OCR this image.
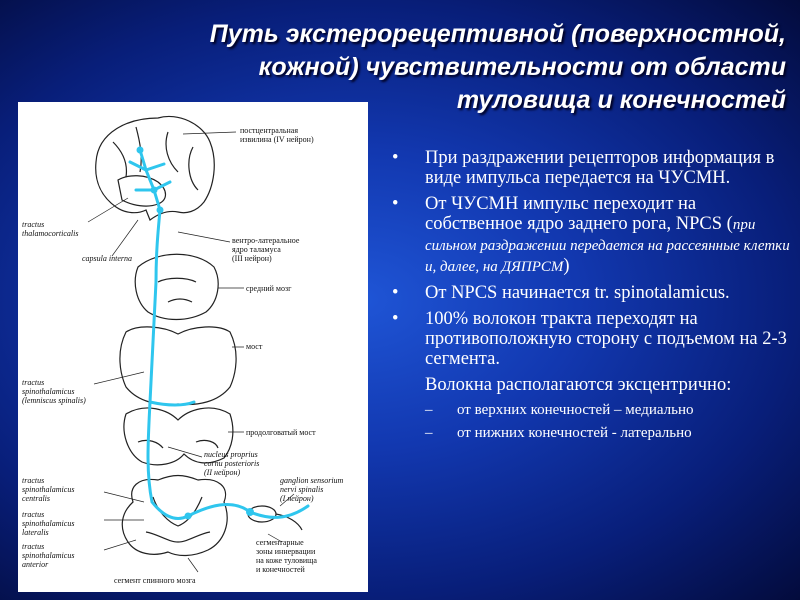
Путь экстерорецептивной (поверхностной,
кожной) чувствительности от области
туловища и конечностей
постцентральная
извилина (IV нейрон)
tractus
thalamocorticalis
capsula interna
вентро-латеральное
ядро таламуса
(III нейрон)
средний мозг
мост
tractus
spinothalamicus
(lemniscus spinalis)
продолговатый мост
nucleus proprius
cornu posterioris
(II нейрон)
ganglion sensorium
nervi spinalis
(I нейрон)
tractus
spinothalamicus
centralis
tractus
spinothalamicus
lateralis
tractus
spinothalamicus
anterior
сегментарные
зоны иннервации
на коже туловища
и конечностей
сегмент спинного мозга
• При раздражении рецепторов информация в виде импульса передается на ЧУСМН.
• От ЧУСМН импульс переходит на собственное ядро заднего рога, NPCS (при сильном раздражении передается на рассеянные клетки и, далее, на ДЯПРСМ)
• От NPCS начинается tr. spinotalamicus.
• 100% волокон тракта переходят на противоположную сторону с подъемом на 2-3 сегмента.
Волокна располагаются эксцентрично:
– от верхних конечностей – медиально
– от нижних конечностей - латерально
